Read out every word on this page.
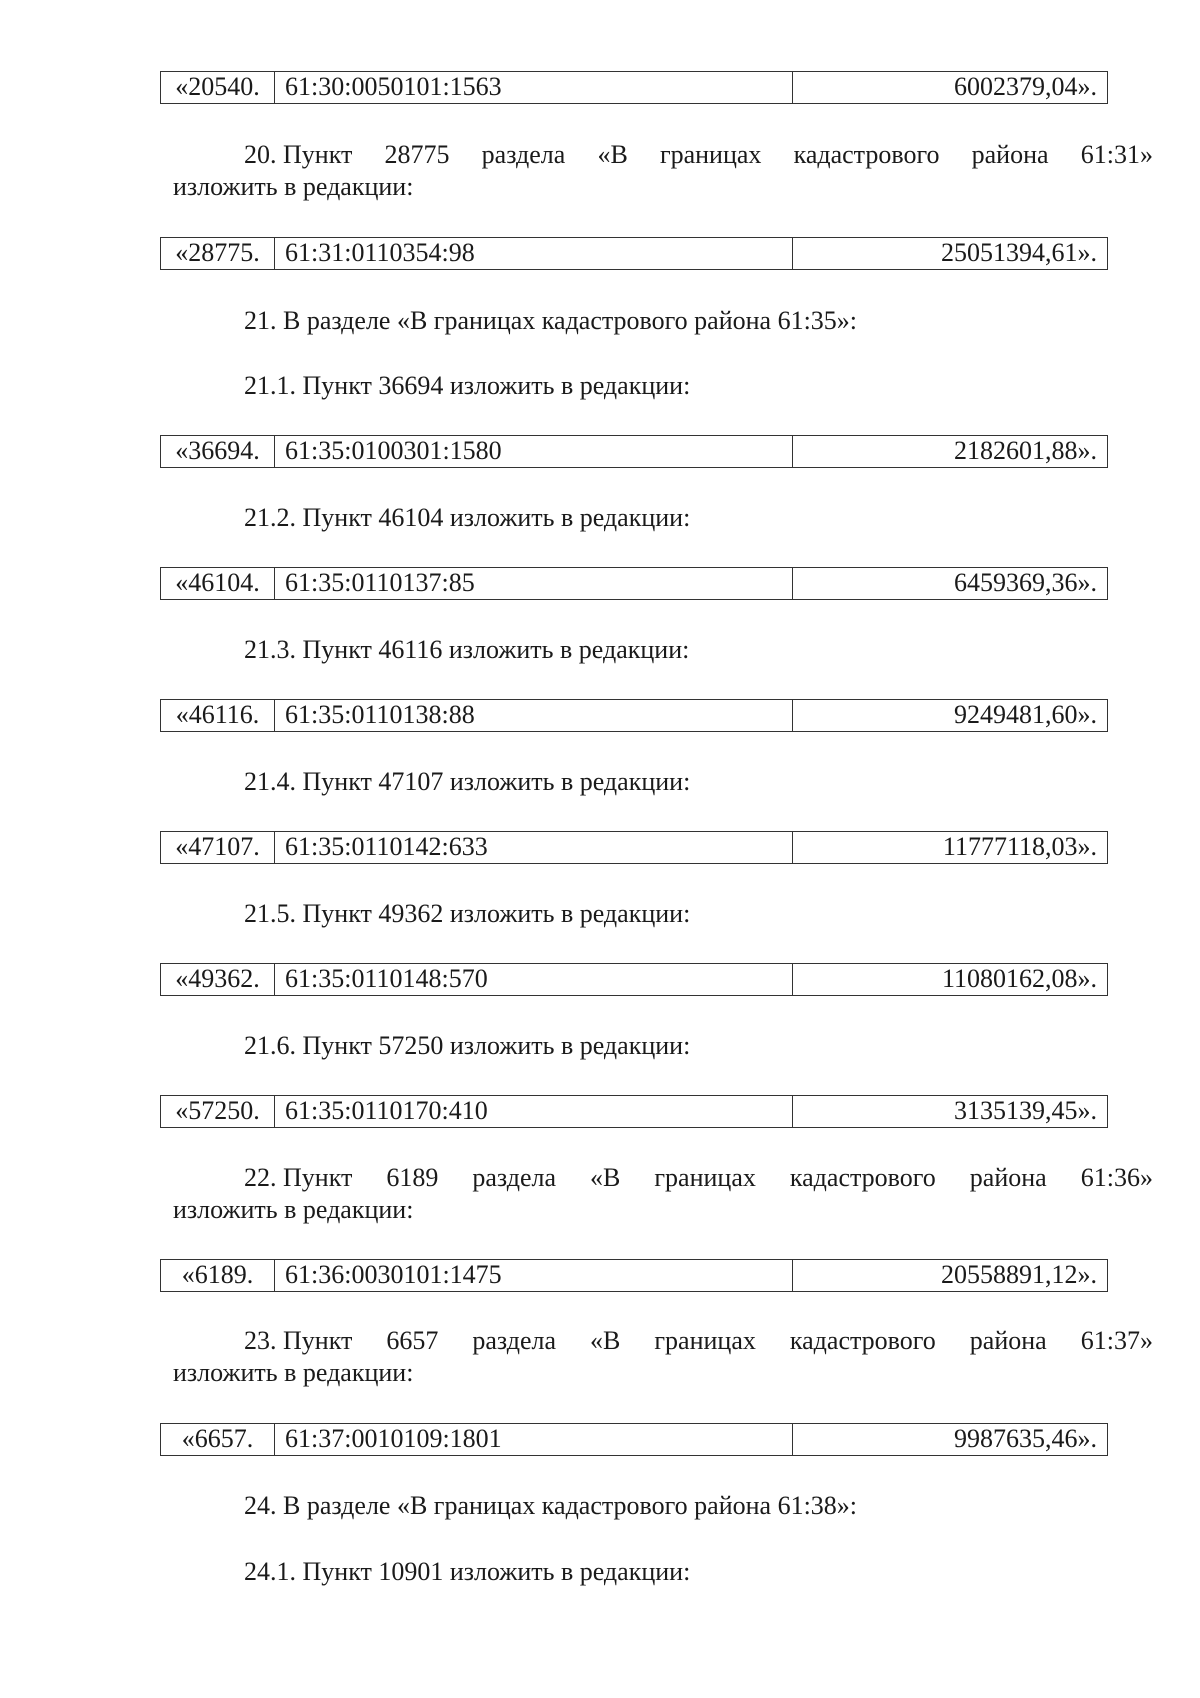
«20540. 61:30:0050101:1563	6002379,04».
20. Пункт 28775 раздела «В границах кадастрового района 61:31»
изложить в редакции:
«28775. 61:31:0110354:98	25051394,61».
21. В разделе «В границах кадастрового района 61:35»:
21.1. Пункт 36694 изложить в редакции:
«36694. 61:35:0100301:1580	2182601,88».
21.2. Пункт 46104 изложить в редакции:
«46104. 61:35:0110137:85	6459369,36».
21.3. Пункт 46116 изложить в редакции:
«46116. 61:35:0110138:88	9249481,60».
21.4. Пункт 47107 изложить в редакции:
«47107. 61:35:0110142:633	11777118,03».
21.5. Пункт 49362 изложить в редакции:
«49362. 61:35:0110148:570	11080162,08».
21.6. Пункт 57250 изложить в редакции:
«57250. 61:35:0110170:410	3135139,45».
22. Пункт 6189 раздела «В границах кадастрового района 61:36»
изложить в редакции:
«6189.	61:36:0030101:1475	20558891,12».
23. Пункт 6657 раздела «В границах кадастрового района 61:37»
изложить в редакции:
«6657.	61:37:0010109:1801	9987635,46».
24. В разделе «В границах кадастрового района 61:38»:
24.1. Пункт 10901 изложить в редакции:
